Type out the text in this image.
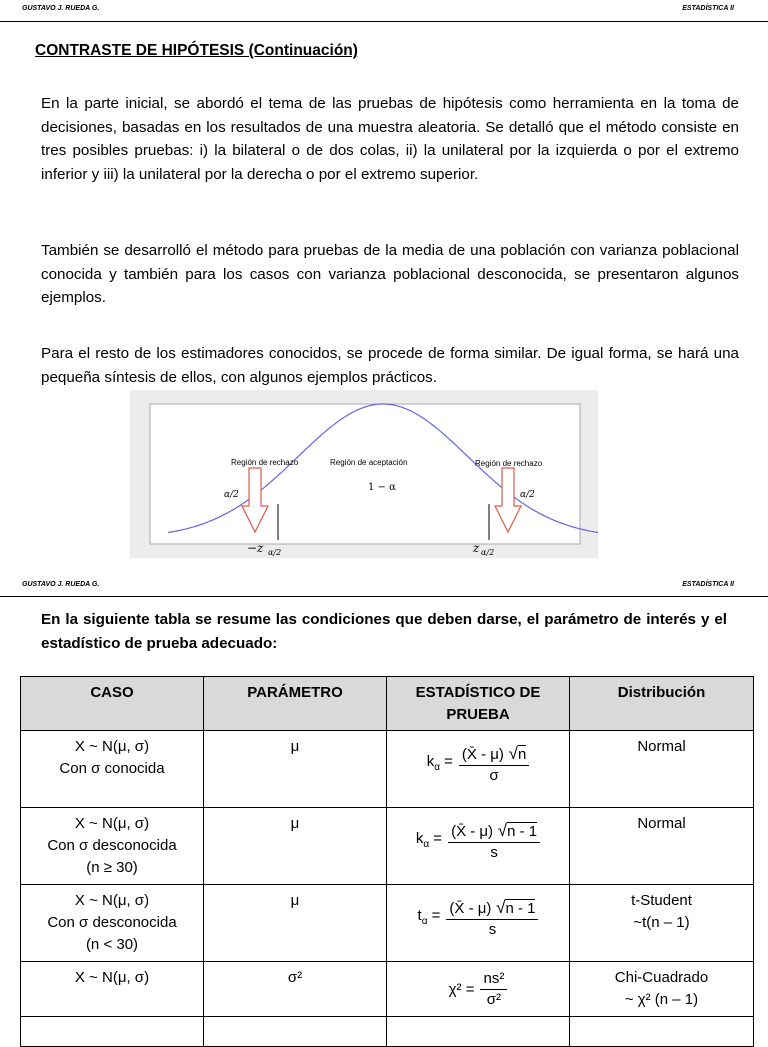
GUSTAVO J. RUEDA G.	ESTADÍSTICA II
CONTRASTE DE HIPÓTESIS (Continuación)
En la parte inicial, se abordó el tema de las pruebas de hipótesis como herramienta en la toma de decisiones, basadas en los resultados de una muestra aleatoria. Se detalló que el método consiste en tres posibles pruebas: i) la bilateral o de dos colas, ii) la unilateral por la izquierda o por el extremo inferior y iii) la unilateral por la derecha o por el extremo superior.
También se desarrolló el método para pruebas de la media de una población con varianza poblacional conocida y también para los casos con varianza poblacional desconocida, se presentaron algunos ejemplos.
Para el resto de los estimadores conocidos, se procede de forma similar. De igual forma, se hará una pequeña síntesis de ellos, con algunos ejemplos prácticos.
Región de rechazo	Región de aceptación	Región de rechazo
α/2	α/2
1 − α
−z α/2	z α/2
GUSTAVO J. RUEDA G.	ESTADÍSTICA II
En la siguiente tabla se resume las condiciones que deben darse, el parámetro de interés y el estadístico de prueba adecuado:
CASO	PARÁMETRO	ESTADÍSTICO DE PRUEBA	Distribución

X ~ N(μ, σ)
Con σ conocida	μ	$k_\alpha = \frac{(X̄ - \mu) √n}{\sigma}$	Normal

X ~ N(μ, σ)
Con σ desconocida
(n ≥ 30)	μ	$k_\alpha = \frac{(X̄ - \mu) √n - 1}{s}$	Normal

X ~ N(μ, σ)
Con σ desconocida
(n < 30)	μ	$t_\alpha = \frac{(X̄ - \mu) √n - 1}{s}$	t-Student
~t(n – 1)

X ~ N(μ, σ)	σ²	$\chi^2 = \frac{\text{ns²}}{\text{σ²}}$	Chi-Cuadrado
~ χ² (n – 1)
